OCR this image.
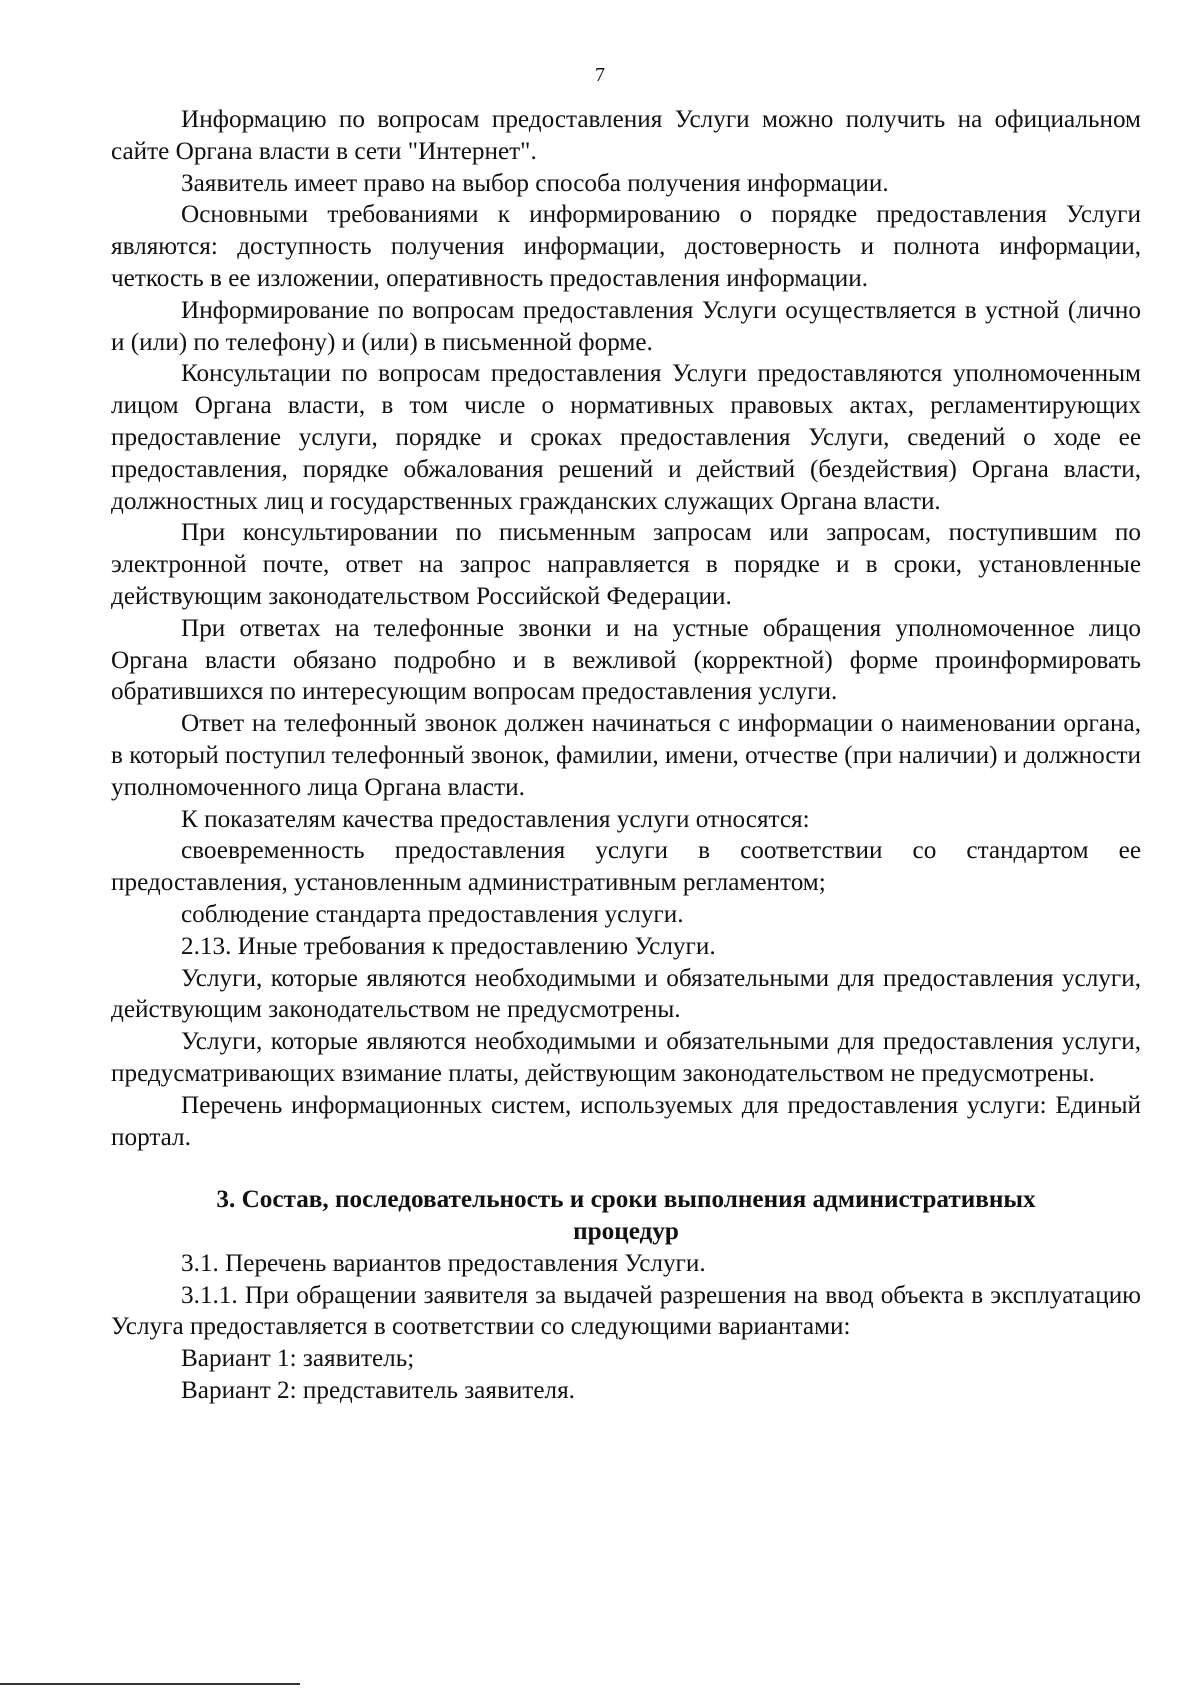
7

Информацию по вопросам предоставления Услуги можно получить на официальном сайте Органа власти в сети "Интернет".

Заявитель имеет право на выбор способа получения информации.

Основными требованиями к информированию о порядке предоставления Услуги являются: доступность получения информации, достоверность и полнота информации, четкость в ее изложении, оперативность предоставления информации.

Информирование по вопросам предоставления Услуги осуществляется в устной (лично и (или) по телефону) и (или) в письменной форме.

Консультации по вопросам предоставления Услуги предоставляются уполномоченным лицом Органа власти, в том числе о нормативных правовых актах, регламентирующих предоставление услуги, порядке и сроках предоставления Услуги, сведений о ходе ее предоставления, порядке обжалования решений и действий (бездействия) Органа власти, должностных лиц и государственных гражданских служащих Органа власти.

При консультировании по письменным запросам или запросам, поступившим по электронной почте, ответ на запрос направляется в порядке и в сроки, установленные действующим законодательством Российской Федерации.

При ответах на телефонные звонки и на устные обращения уполномоченное лицо Органа власти обязано подробно и в вежливой (корректной) форме проинформировать обратившихся по интересующим вопросам предоставления услуги.

Ответ на телефонный звонок должен начинаться с информации о наименовании органа, в который поступил телефонный звонок, фамилии, имени, отчестве (при наличии) и должности уполномоченного лица Органа власти.

К показателям качества предоставления услуги относятся:

своевременность предоставления услуги в соответствии со стандартом ее предоставления, установленным административным регламентом;

соблюдение стандарта предоставления услуги.

2.13. Иные требования к предоставлению Услуги.

Услуги, которые являются необходимыми и обязательными для предоставления услуги, действующим законодательством не предусмотрены.

Услуги, которые являются необходимыми и обязательными для предоставления услуги, предусматривающих взимание платы, действующим законодательством не предусмотрены.

Перечень информационных систем, используемых для предоставления услуги: Единый портал.

3. Состав, последовательность и сроки выполнения административных процедур

3.1. Перечень вариантов предоставления Услуги.

3.1.1. При обращении заявителя за выдачей разрешения на ввод объекта в эксплуатацию Услуга предоставляется в соответствии со следующими вариантами:

Вариант 1: заявитель;

Вариант 2: представитель заявителя.
